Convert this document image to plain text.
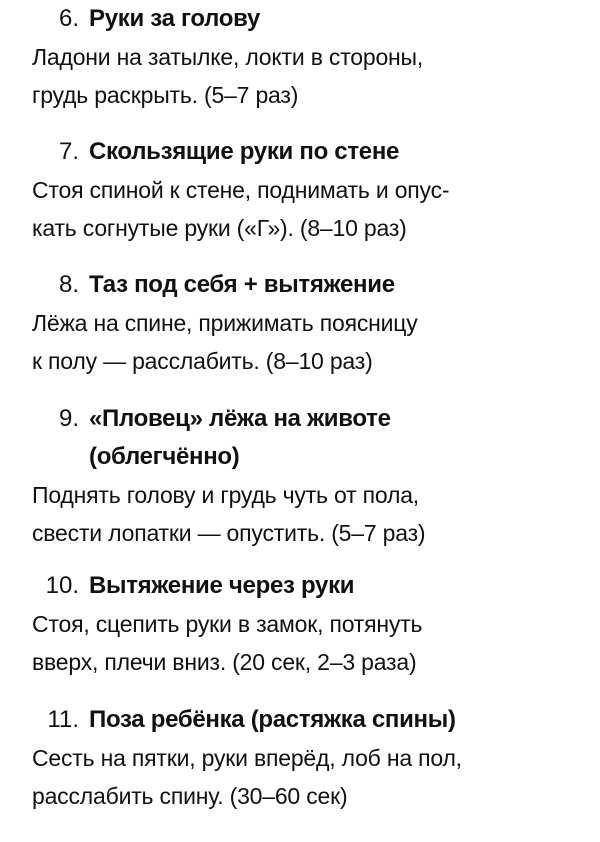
6. Руки за голову
Ладони на затылке, локти в стороны,
грудь раскрыть. (5–7 раз)
7. Скользящие руки по стене
Стоя спиной к стене, поднимать и опус-
кать согнутые руки («Г»). (8–10 раз)
8. Таз под себя + вытяжение
Лёжа на спине, прижимать поясницу
к полу — расслабить. (8–10 раз)
9. «Пловец» лёжа на животе
(облегчённо)
Поднять голову и грудь чуть от пола,
свести лопатки — опустить. (5–7 раз)
10. Вытяжение через руки
Стоя, сцепить руки в замок, потянуть
вверх, плечи вниз. (20 сек, 2–3 раза)
11. Поза ребёнка (растяжка спины)
Сесть на пятки, руки вперёд, лоб на пол,
расслабить спину. (30–60 сек)
